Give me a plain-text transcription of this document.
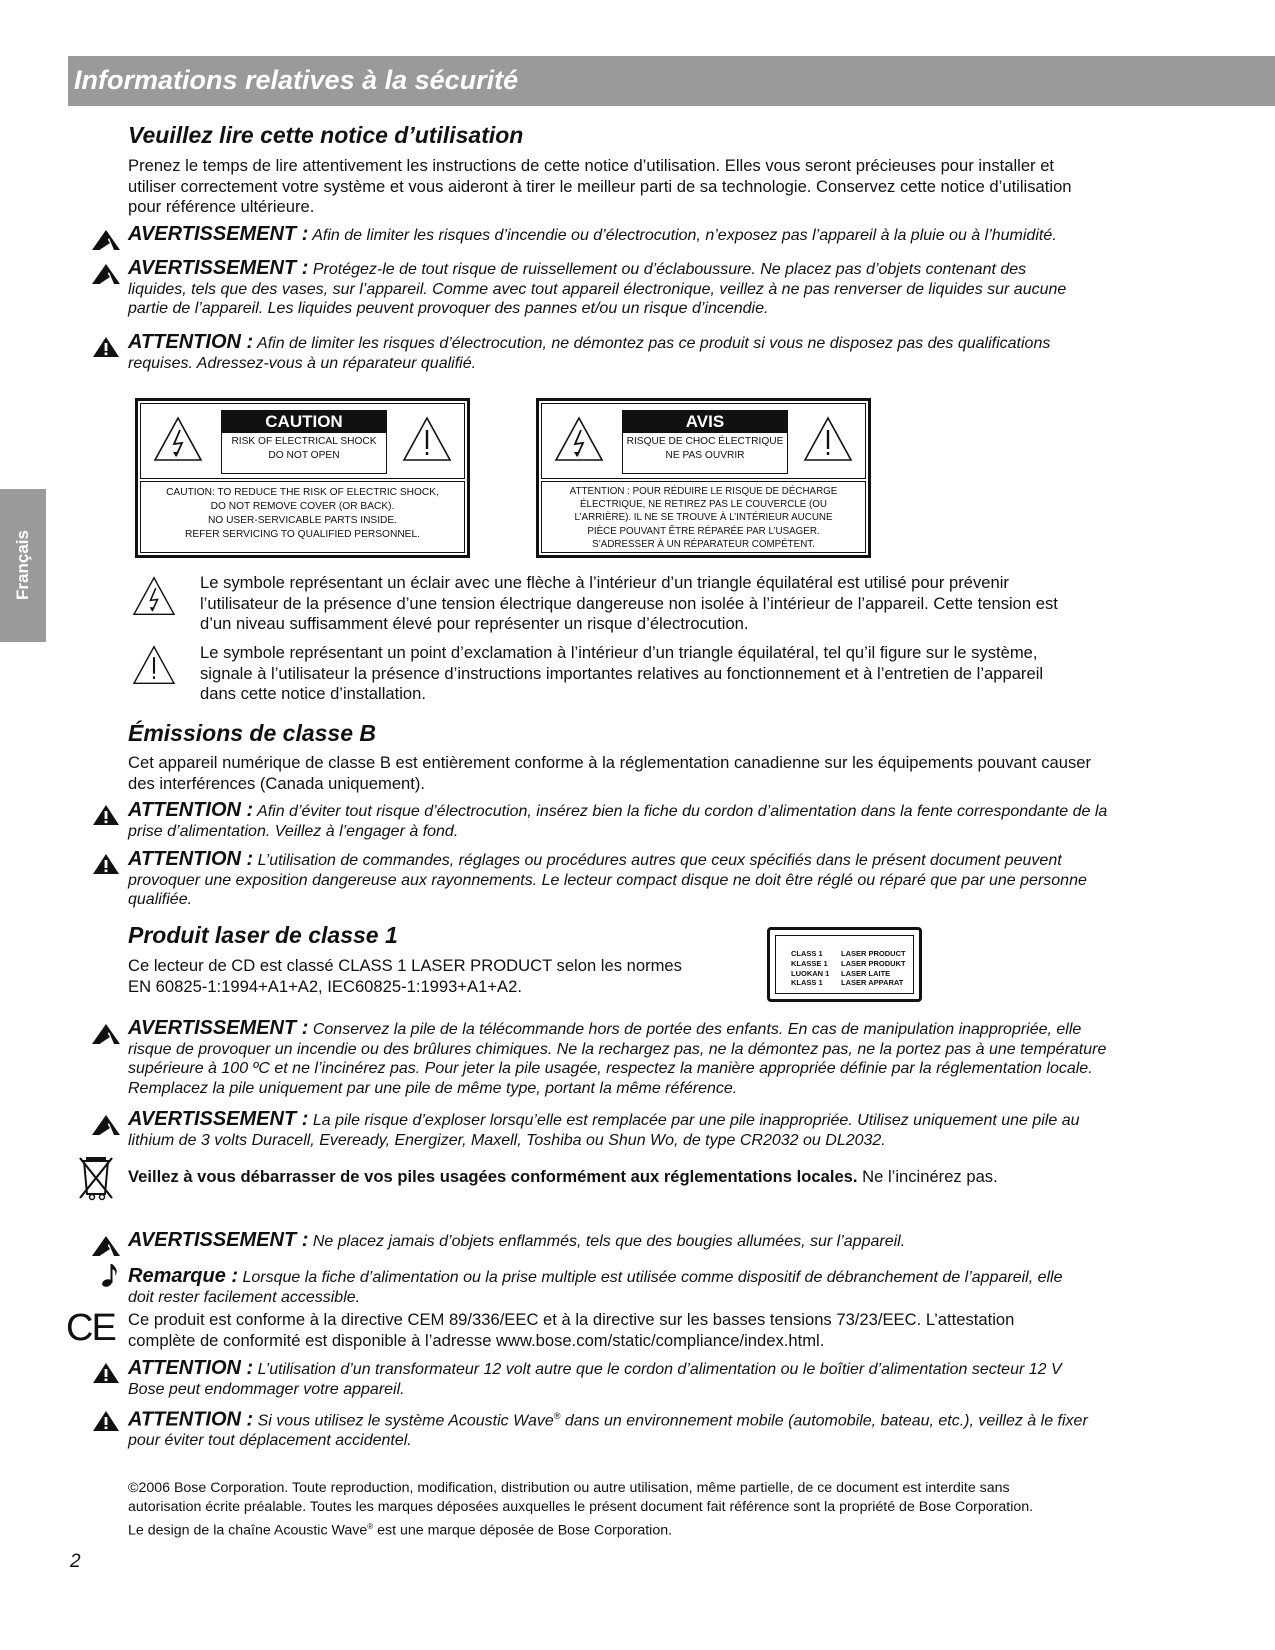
Informations relatives à la sécurité
Français
Veuillez lire cette notice d’utilisation

Prenez le temps de lire attentivement les instructions de cette notice d’utilisation. Elles vous seront précieuses pour installer et

utiliser correctement votre système et vous aideront à tirer le meilleur parti de sa technologie. Conservez cette notice d’utilisation

pour référence ultérieure.

AVERTISSEMENT : Afin de limiter les risques d’incendie ou d’électrocution, n’exposez pas l’appareil à la pluie ou à l’humidité.

AVERTISSEMENT : Protégez-le de tout risque de ruissellement ou d’éclaboussure. Ne placez pas d’objets contenant des

liquides, tels que des vases, sur l’appareil. Comme avec tout appareil électronique, veillez à ne pas renverser de liquides sur aucune

partie de l’appareil. Les liquides peuvent provoquer des pannes et/ou un risque d’incendie.

ATTENTION : Afin de limiter les risques d’électrocution, ne démontez pas ce produit si vous ne disposez pas des qualifications

requises. Adressez-vous à un réparateur qualifié.

CAUTION
RISK OF ELECTRICAL SHOCK
DO NOT OPEN
CAUTION: TO REDUCE THE RISK OF ELECTRIC SHOCK,
DO NOT REMOVE COVER (OR BACK).
NO USER-SERVICABLE PARTS INSIDE.
REFER SERVICING TO QUALIFIED PERSONNEL.
AVIS
RISQUE DE CHOC ÉLECTRIQUE
NE PAS OUVRIR
ATTENTION : POUR RÉDUIRE LE RISQUE DE DÉCHARGE
ÉLECTRIQUE, NE RETIREZ PAS LE COUVERCLE (OU
L’ARRIÈRE). IL NE SE TROUVE À L’INTÉRIEUR AUCUNE
PIÈCE POUVANT ÊTRE RÉPARÉE PAR L’USAGER.
S’ADRESSER À UN RÉPARATEUR COMPÉTENT.

Le symbole représentant un éclair avec une flèche à l’intérieur d’un triangle équilatéral est utilisé pour prévenir

l’utilisateur de la présence d’une tension électrique dangereuse non isolée à l’intérieur de l’appareil. Cette tension est

d’un niveau suffisamment élevé pour représenter un risque d’électrocution.

Le symbole représentant un point d’exclamation à l’intérieur d’un triangle équilatéral, tel qu’il figure sur le système,

signale à l’utilisateur la présence d’instructions importantes relatives au fonctionnement et à l’entretien de l’appareil

dans cette notice d’installation.

Émissions de classe B

Cet appareil numérique de classe B est entièrement conforme à la réglementation canadienne sur les équipements pouvant causer

des interférences (Canada uniquement).

ATTENTION : Afin d’éviter tout risque d’électrocution, insérez bien la fiche du cordon d’alimentation dans la fente correspondante de la

prise d’alimentation. Veillez à l’engager à fond.

ATTENTION : L’utilisation de commandes, réglages ou procédures autres que ceux spécifiés dans le présent document peuvent

provoquer une exposition dangereuse aux rayonnements. Le lecteur compact disque ne doit être réglé ou réparé que par une personne

qualifiée.

Produit laser de classe 1

Ce lecteur de CD est classé CLASS 1 LASER PRODUCT selon les normes

EN 60825-1:1994+A1+A2, IEC60825-1:1993+A1+A2.

CLASS 1 LASER PRODUCT
KLASSE 1 LASER PRODUKT
LUOKAN 1 LASER LAITE
KLASS 1 LASER APPARAT

AVERTISSEMENT : Conservez la pile de la télécommande hors de portée des enfants. En cas de manipulation inappropriée, elle

risque de provoquer un incendie ou des brûlures chimiques. Ne la rechargez pas, ne la démontez pas, ne la portez pas à une température

supérieure à 100 ºC et ne l’incinérez pas. Pour jeter la pile usagée, respectez la manière appropriée définie par la réglementation locale.

Remplacez la pile uniquement par une pile de même type, portant la même référence.

AVERTISSEMENT : La pile risque d’exploser lorsqu’elle est remplacée par une pile inappropriée. Utilisez uniquement une pile au

lithium de 3 volts Duracell, Eveready, Energizer, Maxell, Toshiba ou Shun Wo, de type CR2032 ou DL2032.

Veillez à vous débarrasser de vos piles usagées conformément aux réglementations locales. Ne l’incinérez pas.

AVERTISSEMENT : Ne placez jamais d’objets enflammés, tels que des bougies allumées, sur l’appareil.

Remarque : Lorsque la fiche d’alimentation ou la prise multiple est utilisée comme dispositif de débranchement de l’appareil, elle

doit rester facilement accessible.

CE Ce produit est conforme à la directive CEM 89/336/EEC et à la directive sur les basses tensions 73/23/EEC. L’attestation

complète de conformité est disponible à l’adresse www.bose.com/static/compliance/index.html.

ATTENTION : L’utilisation d’un transformateur 12 volt autre que le cordon d’alimentation ou le boîtier d’alimentation secteur 12 V

Bose peut endommager votre appareil.

ATTENTION : Si vous utilisez le système Acoustic Wave® dans un environnement mobile (automobile, bateau, etc.), veillez à le fixer

pour éviter tout déplacement accidentel.

©2006 Bose Corporation. Toute reproduction, modification, distribution ou autre utilisation, même partielle, de ce document est interdite sans

autorisation écrite préalable. Toutes les marques déposées auxquelles le présent document fait référence sont la propriété de Bose Corporation.

Le design de la chaîne Acoustic Wave® est une marque déposée de Bose Corporation.

2
